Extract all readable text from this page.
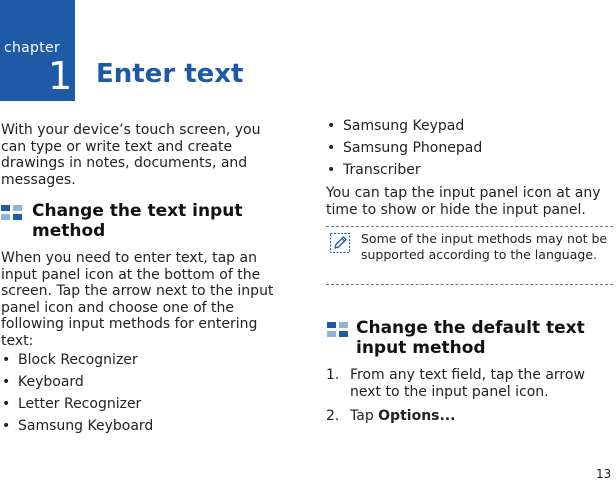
chapter
1 Enter text

With your device’s touch screen, you can type or write text and create drawings in notes, documents, and messages.

Change the text input
method

When you need to enter text, tap an input panel icon at the bottom of the screen. Tap the arrow next to the input panel icon and choose one of the following input methods for entering text:

• Block Recognizer
• Keyboard
• Letter Recognizer
• Samsung Keyboard
• Samsung Keypad
• Samsung Phonepad
• Transcriber

You can tap the input panel icon at any time to show or hide the input panel.

Some of the input methods may not be supported according to the language.

Change the default text
input method
1. From any text field, tap the arrow next to the input panel icon.
2. Tap Options...
13
